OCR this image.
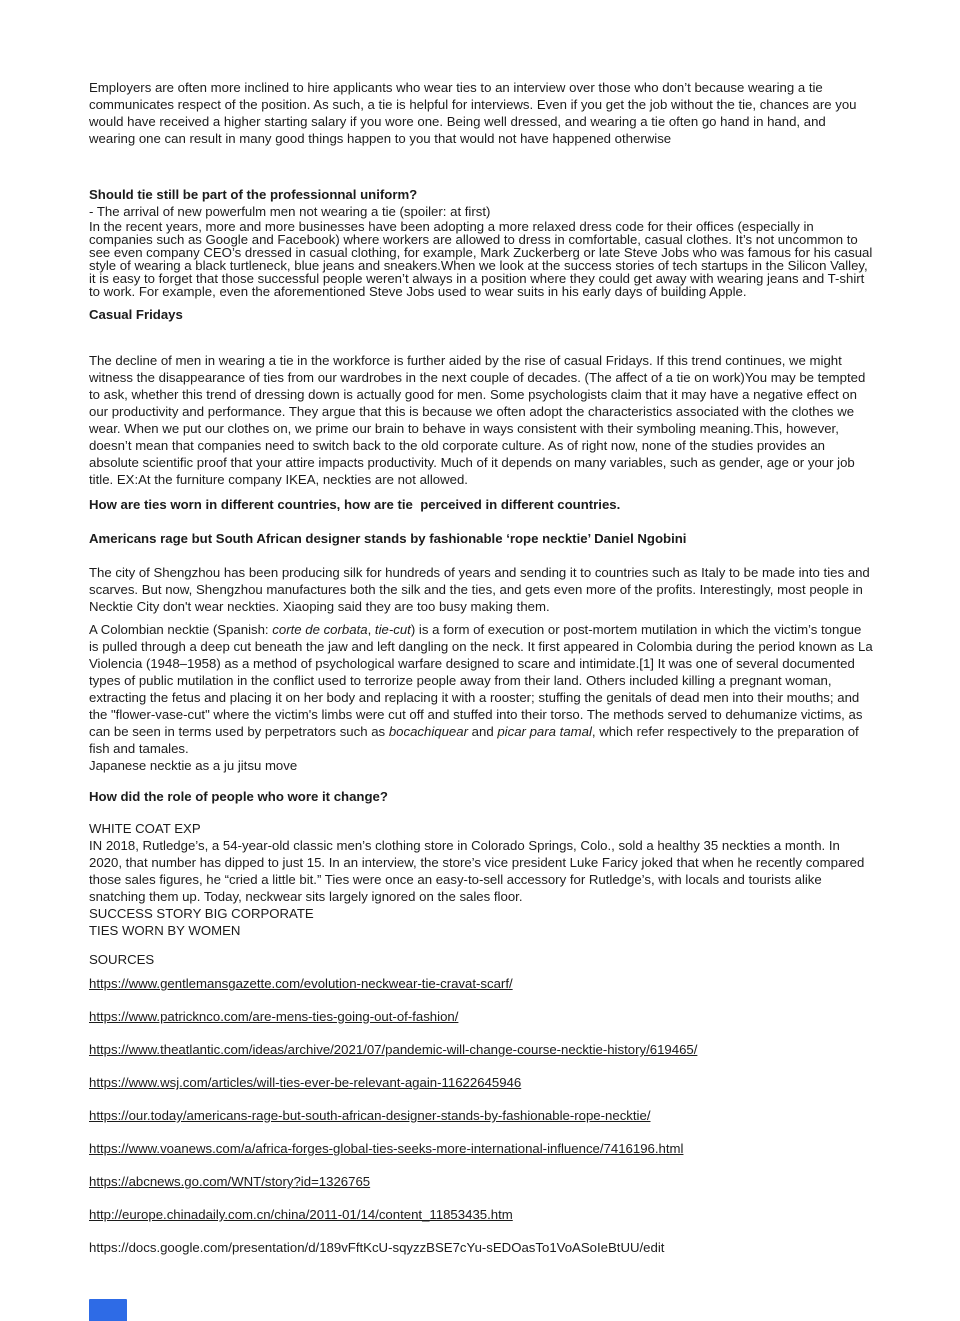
Employers are often more inclined to hire applicants who wear ties to an interview over those who don’t because wearing a tie communicates respect of the position. As such, a tie is helpful for interviews. Even if you get the job without the tie, chances are you would have received a higher starting salary if you wore one. Being well dressed, and wearing a tie often go hand in hand, and wearing one can result in many good things happen to you that would not have happened otherwise

Should tie still be part of the professionnal uniform?

- The arrival of new powerfulm men not wearing a tie (spoiler: at first)

In the recent years, more and more businesses have been adopting a more relaxed dress code for their offices (especially in companies such as Google and Facebook) where workers are allowed to dress in comfortable, casual clothes. It’s not uncommon to see even company CEO’s dressed in casual clothing, for example, Mark Zuckerberg or late Steve Jobs who was famous for his casual style of wearing a black turtleneck, blue jeans and sneakers.When we look at the success stories of tech startups in the Silicon Valley, it is easy to forget that those successful people weren’t always in a position where they could get away with wearing jeans and T-shirt to work. For example, even the aforementioned Steve Jobs used to wear suits in his early days of building Apple.

Casual Fridays

The decline of men in wearing a tie in the workforce is further aided by the rise of casual Fridays. If this trend continues, we might witness the disappearance of ties from our wardrobes in the next couple of decades. (The affect of a tie on work)You may be tempted to ask, whether this trend of dressing down is actually good for men. Some psychologists claim that it may have a negative effect on our productivity and performance. They argue that this is because we often adopt the characteristics associated with the clothes we wear. When we put our clothes on, we prime our brain to behave in ways consistent with their symboling meaning.This, however, doesn’t mean that companies need to switch back to the old corporate culture. As of right now, none of the studies provides an absolute scientific proof that your attire impacts productivity. Much of it depends on many variables, such as gender, age or your job title. EX:At the furniture company IKEA, neckties are not allowed.

How are ties worn in different countries, how are tie  perceived in different countries.

Americans rage but South African designer stands by fashionable ‘rope necktie’ Daniel Ngobini

The city of Shengzhou has been producing silk for hundreds of years and sending it to countries such as Italy to be made into ties and scarves. But now, Shengzhou manufactures both the silk and the ties, and gets even more of the profits. Interestingly, most people in Necktie City don't wear neckties. Xiaoping said they are too busy making them.

A Colombian necktie (Spanish: corte de corbata, tie-cut) is a form of execution or post-mortem mutilation in which the victim’s tongue is pulled through a deep cut beneath the jaw and left dangling on the neck. It first appeared in Colombia during the period known as La Violencia (1948–1958) as a method of psychological warfare designed to scare and intimidate.[1] It was one of several documented types of public mutilation in the conflict used to terrorize people away from their land. Others included killing a pregnant woman, extracting the fetus and placing it on her body and replacing it with a rooster; stuffing the genitals of dead men into their mouths; and the "flower-vase-cut" where the victim's limbs were cut off and stuffed into their torso. The methods served to dehumanize victims, as can be seen in terms used by perpetrators such as bocachiquear and picar para tamal, which refer respectively to the preparation of fish and tamales.

Japanese necktie as a ju jitsu move

How did the role of people who wore it change?

WHITE COAT EXP

IN 2018, Rutledge’s, a 54-year-old classic men’s clothing store in Colorado Springs, Colo., sold a healthy 35 neckties a month. In 2020, that number has dipped to just 15. In an interview, the store’s vice president Luke Faricy joked that when he recently compared those sales figures, he “cried a little bit.” Ties were once an easy-to-sell accessory for Rutledge’s, with locals and tourists alike snatching them up. Today, neckwear sits largely ignored on the sales floor.

SUCCESS STORY BIG CORPORATE

TIES WORN BY WOMEN

SOURCES

https://www.gentlemansgazette.com/evolution-neckwear-tie-cravat-scarf/
https://www.patricknco.com/are-mens-ties-going-out-of-fashion/
https://www.theatlantic.com/ideas/archive/2021/07/pandemic-will-change-course-necktie-history/619465/
https://www.wsj.com/articles/will-ties-ever-be-relevant-again-11622645946
https://our.today/americans-rage-but-south-african-designer-stands-by-fashionable-rope-necktie/
https://www.voanews.com/a/africa-forges-global-ties-seeks-more-international-influence/7416196.html
https://abcnews.go.com/WNT/story?id=1326765
http://europe.chinadaily.com.cn/china/2011-01/14/content_11853435.htm
https://docs.google.com/presentation/d/189vFftKcU-sqyzzBSE7cYu-sEDOasTo1VoASoIeBtUU/edit
